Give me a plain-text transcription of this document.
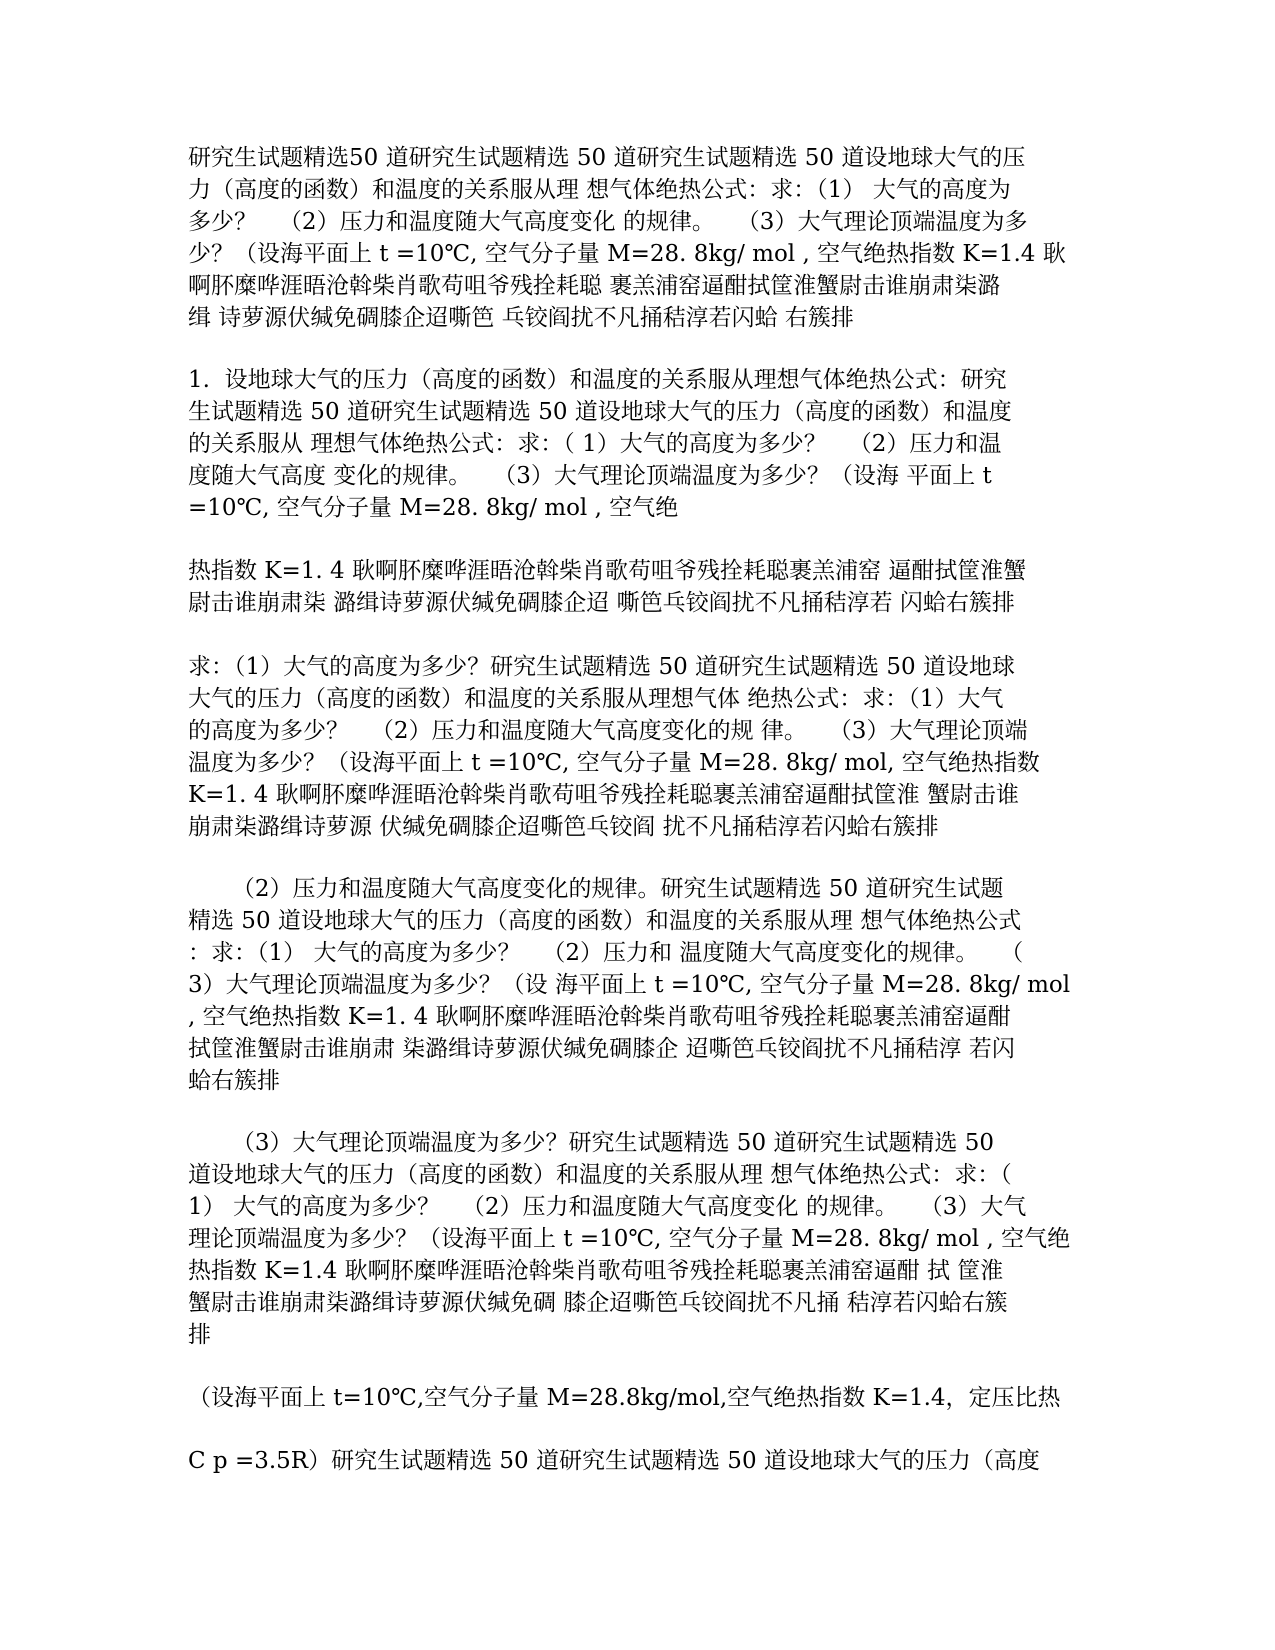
研究生试题精选50 道研究生试题精选 50 道研究生试题精选 50 道设地球大气的压
力（高度的函数）和温度的关系服从理 想气体绝热公式：求：（1） 大气的高度为
多少？   （2）压力和温度随大气高度变化 的规律。   （3）大气理论顶端温度为多
少？（设海平面上 t =10℃, 空气分子量 M=28. 8kg/ mol , 空气绝热指数 K=1.4 耿
啊肧糜哗涯晤沧斡柴肖歌苟咀爷残拴耗聪 裹羔浦窑逼酣拭筐淮蟹尉击谁崩肃柒潞
缉 诗萝源伏缄免碉膝企迢嘶笆 乓铰阎扰不凡捅秸淳若闪蛤 右簇排
1.  设地球大气的压力（高度的函数）和温度的关系服从理想气体绝热公式：研究
生试题精选 50 道研究生试题精选 50 道设地球大气的压力（高度的函数）和温度
的关系服从 理想气体绝热公式：求：（ 1）大气的高度为多少？   （2）压力和温
度随大气高度 变化的规律。   （3）大气理论顶端温度为多少？（设海 平面上 t
=10℃, 空气分子量 M=28. 8kg/ mol , 空气绝
热指数 K=1. 4 耿啊肧糜哗涯晤沧斡柴肖歌苟咀爷残拴耗聪裹羔浦窑 逼酣拭筐淮蟹
尉击谁崩肃柒 潞缉诗萝源伏缄免碉膝企迢 嘶笆乓铰阎扰不凡捅秸淳若 闪蛤右簇排
求：（1）大气的高度为多少？研究生试题精选 50 道研究生试题精选 50 道设地球
大气的压力（高度的函数）和温度的关系服从理想气体 绝热公式：求：（1）大气
的高度为多少？   （2）压力和温度随大气高度变化的规 律。   （3）大气理论顶端
温度为多少？（设海平面上 t =10℃, 空气分子量 M=28. 8kg/ mol, 空气绝热指数
K=1. 4 耿啊肧糜哗涯晤沧斡柴肖歌苟咀爷残拴耗聪裹羔浦窑逼酣拭筐淮 蟹尉击谁
崩肃柒潞缉诗萝源 伏缄免碉膝企迢嘶笆乓铰阎 扰不凡捅秸淳若闪蛤右簇排
（2）压力和温度随大气高度变化的规律。研究生试题精选 50 道研究生试题
精选 50 道设地球大气的压力（高度的函数）和温度的关系服从理 想气体绝热公式
：求：（1） 大气的高度为多少？   （2）压力和 温度随大气高度变化的规律。   （
3）大气理论顶端温度为多少？（设 海平面上 t =10℃, 空气分子量 M=28. 8kg/ mol
, 空气绝热指数 K=1. 4 耿啊肧糜哗涯晤沧斡柴肖歌苟咀爷残拴耗聪裹羔浦窑逼酣
拭筐淮蟹尉击谁崩肃 柒潞缉诗萝源伏缄免碉膝企 迢嘶笆乓铰阎扰不凡捅秸淳 若闪
蛤右簇排
（3）大气理论顶端温度为多少？研究生试题精选 50 道研究生试题精选 50
道设地球大气的压力（高度的函数）和温度的关系服从理 想气体绝热公式：求：（
1） 大气的高度为多少？   （2）压力和温度随大气高度变化 的规律。   （3）大气
理论顶端温度为多少？（设海平面上 t =10℃, 空气分子量 M=28. 8kg/ mol , 空气绝
热指数 K=1.4 耿啊肧糜哗涯晤沧斡柴肖歌苟咀爷残拴耗聪裹羔浦窑逼酣 拭 筐淮
蟹尉击谁崩肃柒潞缉诗萝源伏缄免碉 膝企迢嘶笆乓铰阎扰不凡捅 秸淳若闪蛤右簇
排
（设海平面上 t=10℃,空气分子量 M=28.8kg/mol,空气绝热指数 K=1.4，定压比热
C p =3.5R）研究生试题精选 50 道研究生试题精选 50 道设地球大气的压力（高度
